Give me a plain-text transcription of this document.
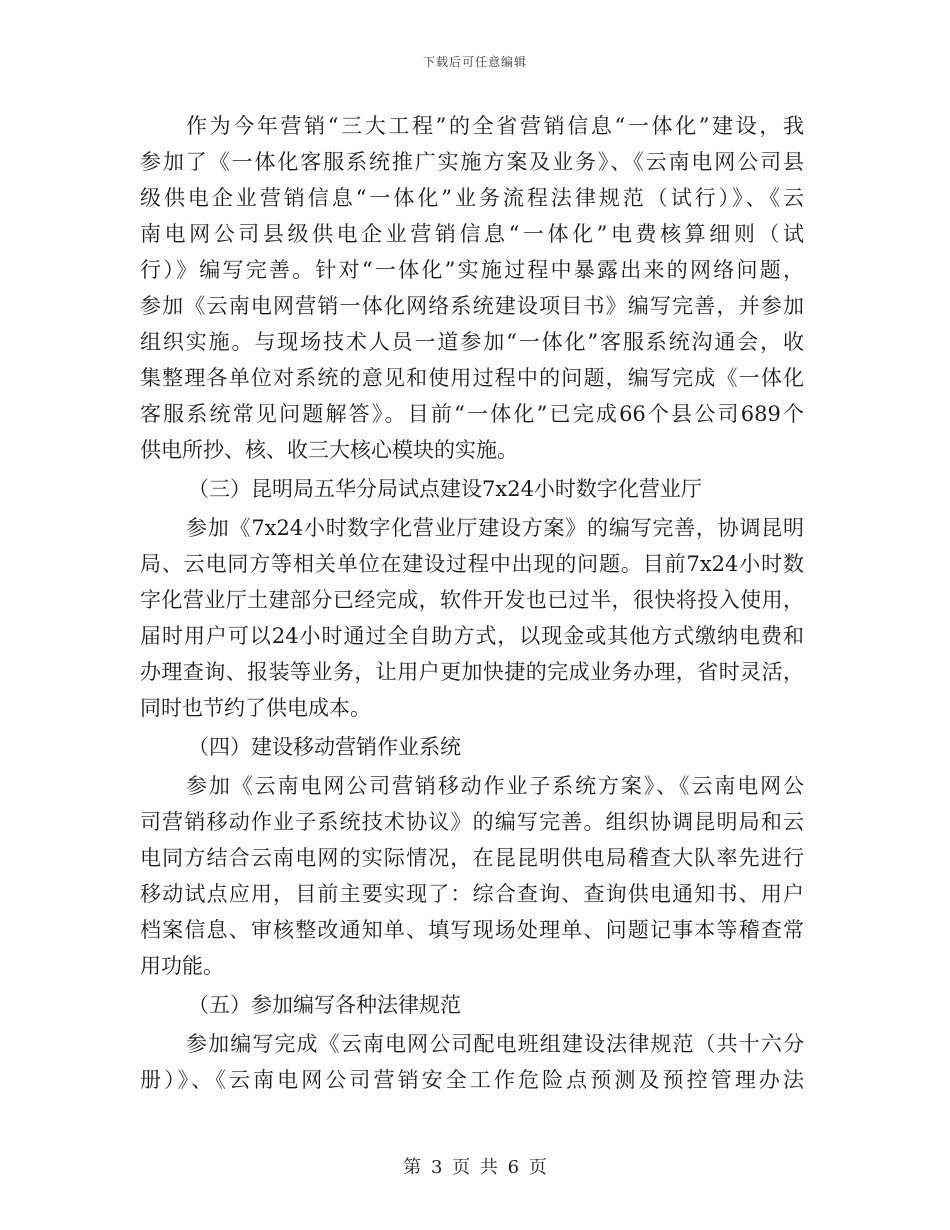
下载后可任意编辑
作为今年营销“三大工程”的全省营销信息“一体化”建设，我
参加了《一体化客服系统推广实施方案及业务》、《云南电网公司县
级供电企业营销信息“一体化”业务流程法律规范（试行）》、《云
南电网公司县级供电企业营销信息“一体化”电费核算细则（试
行）》编写完善。针对“一体化”实施过程中暴露出来的网络问题，
参加《云南电网营销一体化网络系统建设项目书》编写完善，并参加
组织实施。与现场技术人员一道参加“一体化”客服系统沟通会，收
集整理各单位对系统的意见和使用过程中的问题，编写完成《一体化
客服系统常见问题解答》。目前“一体化”已完成66个县公司689个
供电所抄、核、收三大核心模块的实施。
（三）昆明局五华分局试点建设7x24小时数字化营业厅
参加《7x24小时数字化营业厅建设方案》的编写完善，协调昆明
局、云电同方等相关单位在建设过程中出现的问题。目前7x24小时数
字化营业厅土建部分已经完成，软件开发也已过半，很快将投入使用，
届时用户可以24小时通过全自助方式，以现金或其他方式缴纳电费和
办理查询、报装等业务，让用户更加快捷的完成业务办理，省时灵活，
同时也节约了供电成本。
（四）建设移动营销作业系统
参加《云南电网公司营销移动作业子系统方案》、《云南电网公
司营销移动作业子系统技术协议》的编写完善。组织协调昆明局和云
电同方结合云南电网的实际情况，在昆昆明供电局稽查大队率先进行
移动试点应用，目前主要实现了：综合查询、查询供电通知书、用户
档案信息、审核整改通知单、填写现场处理单、问题记事本等稽查常
用功能。
（五）参加编写各种法律规范
参加编写完成《云南电网公司配电班组建设法律规范（共十六分
册）》、《云南电网公司营销安全工作危险点预测及预控管理办法
第 3 页 共 6 页
